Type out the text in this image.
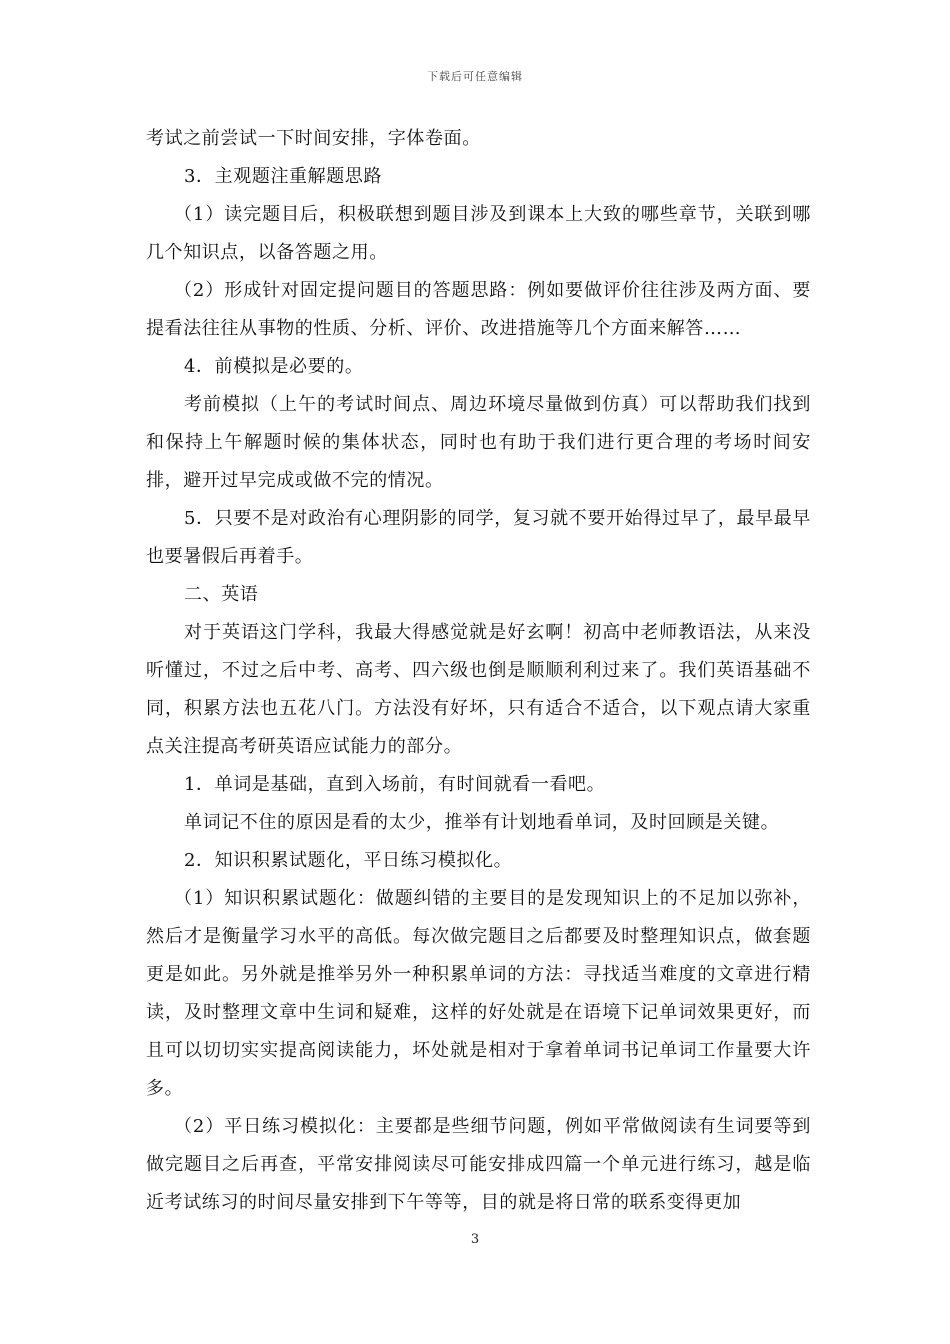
下载后可任意编辑

考试之前尝试一下时间安排，字体卷面。

3．主观题注重解题思路

（1）读完题目后，积极联想到题目涉及到课本上大致的哪些章节，关联到哪几个知识点，以备答题之用。

（2）形成针对固定提问题目的答题思路：例如要做评价往往涉及两方面、要提看法往往从事物的性质、分析、评价、改进措施等几个方面来解答……

4．前模拟是必要的。

考前模拟（上午的考试时间点、周边环境尽量做到仿真）可以帮助我们找到和保持上午解题时候的集体状态，同时也有助于我们进行更合理的考场时间安排，避开过早完成或做不完的情况。

5．只要不是对政治有心理阴影的同学，复习就不要开始得过早了，最早最早也要暑假后再着手。

二、英语

对于英语这门学科，我最大得感觉就是好玄啊！初高中老师教语法，从来没听懂过，不过之后中考、高考、四六级也倒是顺顺利利过来了。我们英语基础不同，积累方法也五花八门。方法没有好坏，只有适合不适合，以下观点请大家重点关注提高考研英语应试能力的部分。

1．单词是基础，直到入场前，有时间就看一看吧。

单词记不住的原因是看的太少，推举有计划地看单词，及时回顾是关键。

2．知识积累试题化，平日练习模拟化。

（1）知识积累试题化：做题纠错的主要目的是发现知识上的不足加以弥补，然后才是衡量学习水平的高低。每次做完题目之后都要及时整理知识点，做套题更是如此。另外就是推举另外一种积累单词的方法：寻找适当难度的文章进行精读，及时整理文章中生词和疑难，这样的好处就是在语境下记单词效果更好，而且可以切切实实提高阅读能力，坏处就是相对于拿着单词书记单词工作量要大许多。

（2）平日练习模拟化：主要都是些细节问题，例如平常做阅读有生词要等到做完题目之后再查，平常安排阅读尽可能安排成四篇一个单元进行练习，越是临近考试练习的时间尽量安排到下午等等，目的就是将日常的联系变得更加

3
